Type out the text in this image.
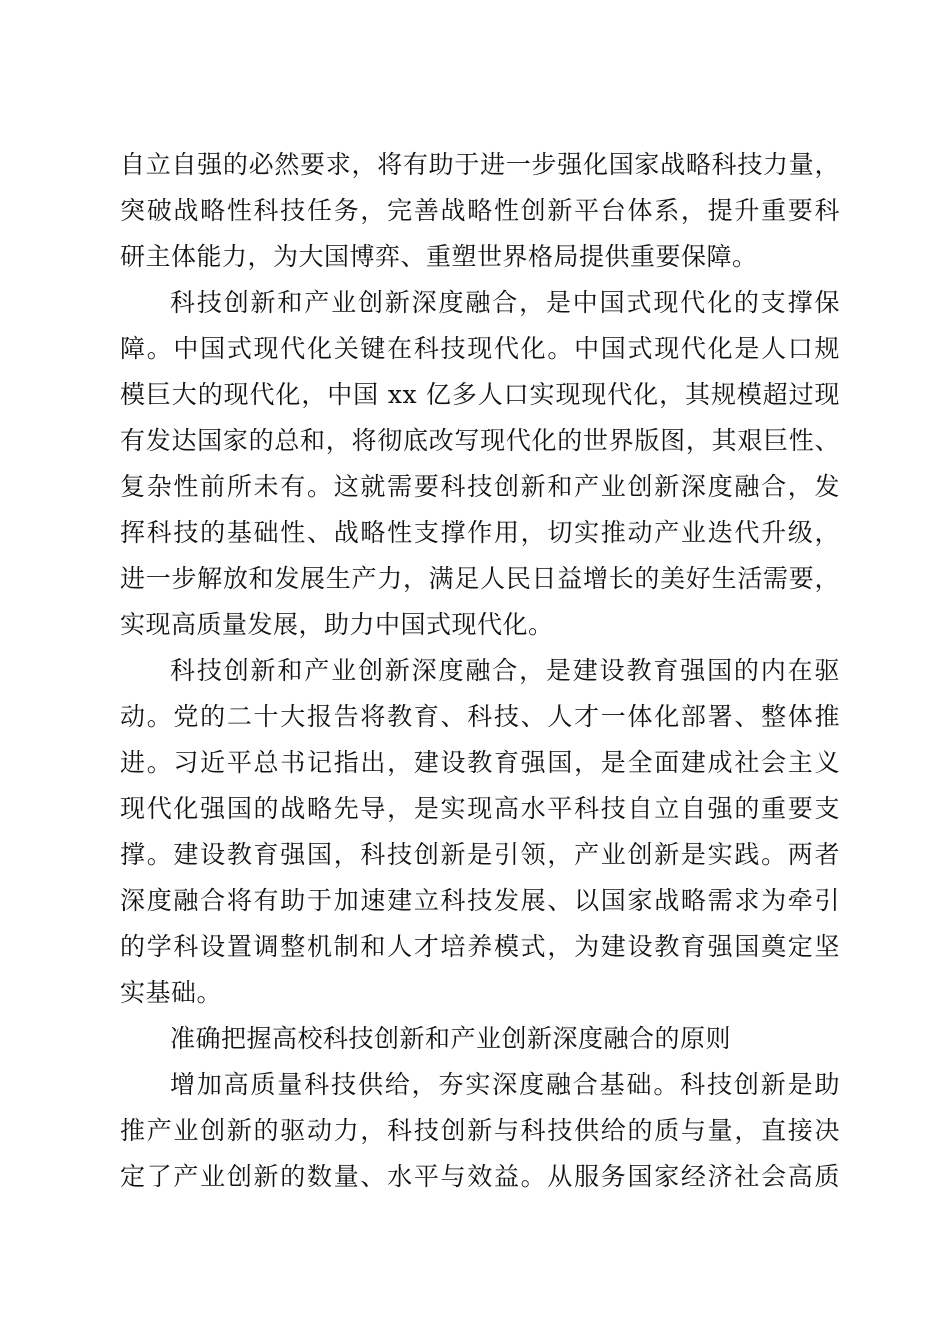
自立自强的必然要求，将有助于进一步强化国家战略科技力量，
突破战略性科技任务，完善战略性创新平台体系，提升重要科
研主体能力，为大国博弈、重塑世界格局提供重要保障。
科技创新和产业创新深度融合，是中国式现代化的支撑保
障。中国式现代化关键在科技现代化。中国式现代化是人口规
模巨大的现代化，中国 xx 亿多人口实现现代化，其规模超过现
有发达国家的总和，将彻底改写现代化的世界版图，其艰巨性、
复杂性前所未有。这就需要科技创新和产业创新深度融合，发
挥科技的基础性、战略性支撑作用，切实推动产业迭代升级，
进一步解放和发展生产力，满足人民日益增长的美好生活需要，
实现高质量发展，助力中国式现代化。
科技创新和产业创新深度融合，是建设教育强国的内在驱
动。党的二十大报告将教育、科技、人才一体化部署、整体推
进。习近平总书记指出，建设教育强国，是全面建成社会主义
现代化强国的战略先导，是实现高水平科技自立自强的重要支
撑。建设教育强国，科技创新是引领，产业创新是实践。两者
深度融合将有助于加速建立科技发展、以国家战略需求为牵引
的学科设置调整机制和人才培养模式，为建设教育强国奠定坚
实基础。
准确把握高校科技创新和产业创新深度融合的原则
增加高质量科技供给，夯实深度融合基础。科技创新是助
推产业创新的驱动力，科技创新与科技供给的质与量，直接决
定了产业创新的数量、水平与效益。从服务国家经济社会高质
